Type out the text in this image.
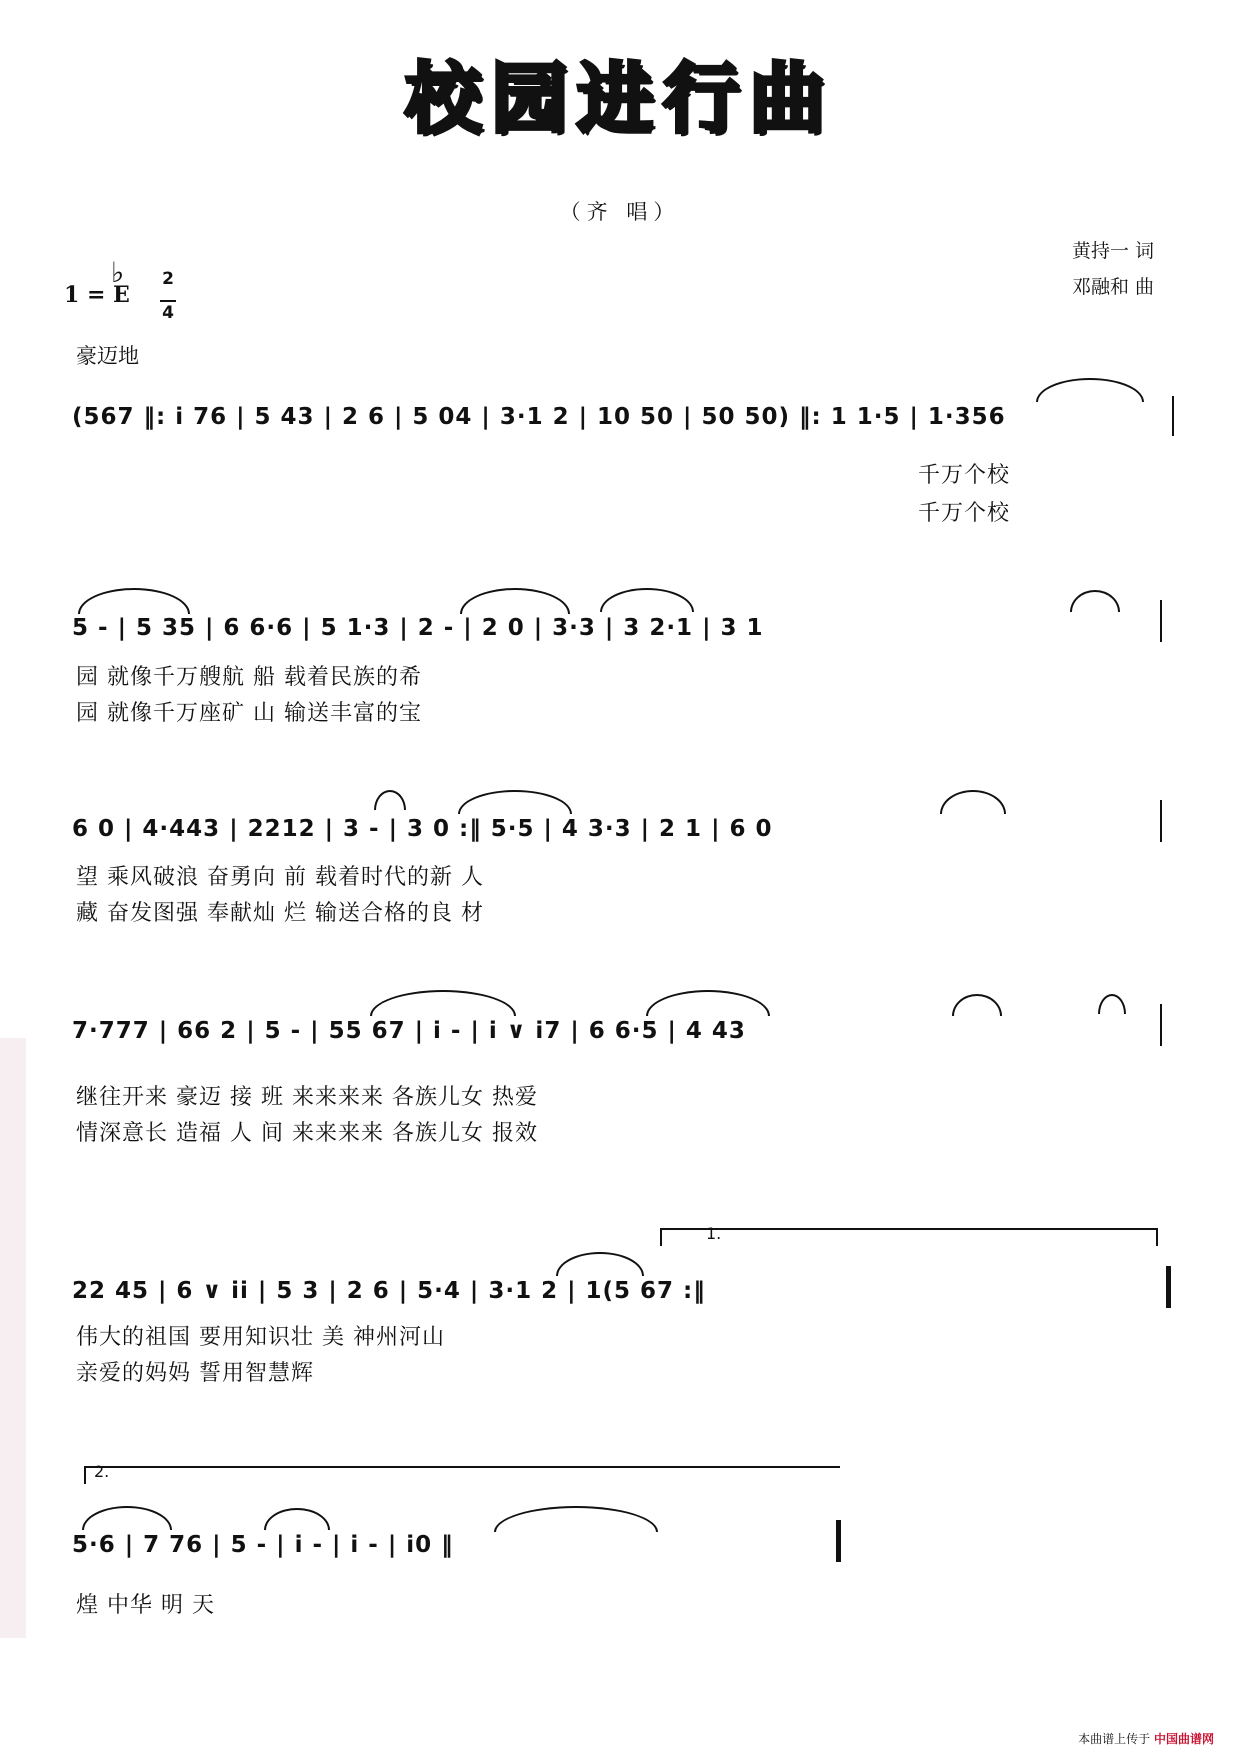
校园进行曲
（齐 唱）
黄持一 词
邓融和 曲
1 = E
♭ 2
4
豪迈地
(567 ‖: i 76 | 5 43 | 2 6 | 5 04 | 3·1 2 | 10 50 | 50 50) ‖: 1 1·5 | 1·356
千万个校
千万个校
5 - | 5 35 | 6 6·6 | 5 1·3 | 2 - | 2 0 | 3·3 | 3 2·1 | 3 1
园 就像千万艘航 船 载着民族的希
园 就像千万座矿 山 输送丰富的宝
6 0 | 4·443 | 2212 | 3 - | 3 0 :‖ 5·5 | 4 3·3 | 2 1 | 6 0
望 乘风破浪 奋勇向 前 载着时代的新 人
藏 奋发图强 奉献灿 烂 输送合格的良 材
7·777 | 66 2 | 5 - | 55 67 | i - | i ∨ i7 | 6 6·5 | 4 43
继往开来 豪迈 接 班 来来来来 各族儿女 热爱
情深意长 造福 人 间 来来来来 各族儿女 报效
1.
22 45 | 6 ∨ ii | 5 3 | 2 6 | 5·4 | 3·1 2 | 1(5 67 :‖
伟大的祖国 要用知识壮 美 神州河山
亲爱的妈妈 誓用智慧辉
2.
5·6 | 7 76 | 5 - | i - | i - | i0 ‖
煌 中华 明 天
本曲谱上传于 中国曲谱网
